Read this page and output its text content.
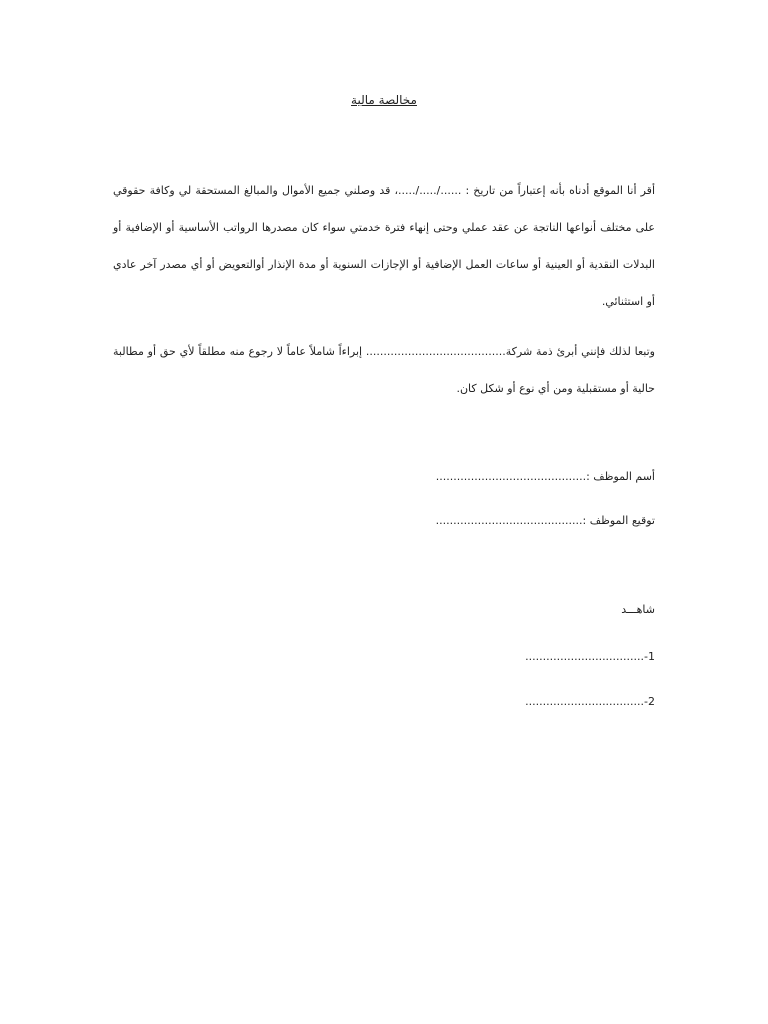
مخالصة مالية

أقر أنا الموقع أدناه بأنه إعتباراً من تاريخ : ....../...../.....، قد وصلني جميع الأموال والمبالغ المستحقة لي وكافة حقوقي على مختلف أنواعها الناتجة عن عقد عملي وحتى إنهاء فترة خدمتي سواء كان مصدرها الرواتب الأساسية أو الإضافية أو البدلات النقدية أو العينية أو ساعات العمل الإضافية أو الإجازات السنوية أو مدة الإنذار أوالتعويض أو أي مصدر آخر عادي أو استثنائي.

وتبعا لذلك فإنني أبرئ ذمة شركة........................................ إبراءاً شاملاً عاماً لا رجوع منه مطلقاً لأي حق أو مطالبة حالية أو مستقبلية ومن أي نوع أو شكل كان.

أسم الموظف :...........................................
توقيع الموظف :..........................................
شاهـــد
1-..................................
2-..................................
